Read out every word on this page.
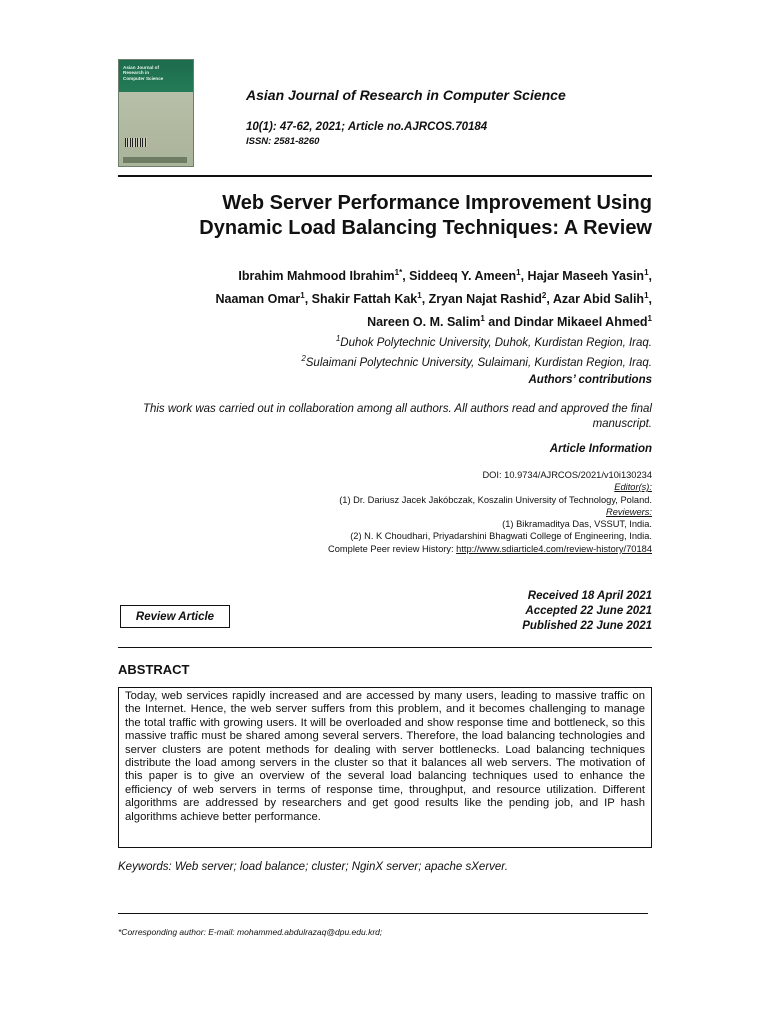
Asian Journal of
Research in
Computer Science
Asian Journal of Research in Computer Science
10(1): 47-62, 2021; Article no.AJRCOS.70184
ISSN: 2581-8260
Web Server Performance Improvement Using
Dynamic Load Balancing Techniques: A Review
Ibrahim Mahmood Ibrahim$^{1*}$, Siddeeq Y. Ameen$^1$, Hajar Maseeh Yasin$^1$,
Naaman Omar$^1$, Shakir Fattah Kak$^1$, Zryan Najat Rashid$^2$, Azar Abid Salih$^1$,
Nareen O. M. Salim$^1$ and Dindar Mikaeel Ahmed$^1$
$^1$Duhok Polytechnic University, Duhok, Kurdistan Region, Iraq.
$^2$Sulaimani Polytechnic University, Sulaimani, Kurdistan Region, Iraq.
Authors’ contributions
This work was carried out in collaboration among all authors. All authors read and approved the final manuscript.
Article Information
DOI: 10.9734/AJRCOS/2021/v10i130234
Editor(s):
(1) Dr. Dariusz Jacek Jakóbczak, Koszalin University of Technology, Poland.
Reviewers:
(1) Bikramaditya Das, VSSUT, India.
(2) N. K Choudhari, Priyadarshini Bhagwati College of Engineering, India.
Complete Peer review History: http://www.sdiarticle4.com/review-history/70184
Review Article
Received 18 April 2021
Accepted 22 June 2021
Published 22 June 2021
ABSTRACT
Today, web services rapidly increased and are accessed by many users, leading to massive traffic on the Internet. Hence, the web server suffers from this problem, and it becomes challenging to manage the total traffic with growing users. It will be overloaded and show response time and bottleneck, so this massive traffic must be shared among several servers. Therefore, the load balancing technologies and server clusters are potent methods for dealing with server bottlenecks. Load balancing techniques distribute the load among servers in the cluster so that it balances all web servers. The motivation of this paper is to give an overview of the several load balancing techniques used to enhance the efficiency of web servers in terms of response time, throughput, and resource utilization. Different algorithms are addressed by researchers and get good results like the pending job, and IP hash algorithms achieve better performance.
Keywords: Web server; load balance; cluster; NginX server; apache sXerver.
*Corresponding author: E-mail: mohammed.abdulrazaq@dpu.edu.krd;
